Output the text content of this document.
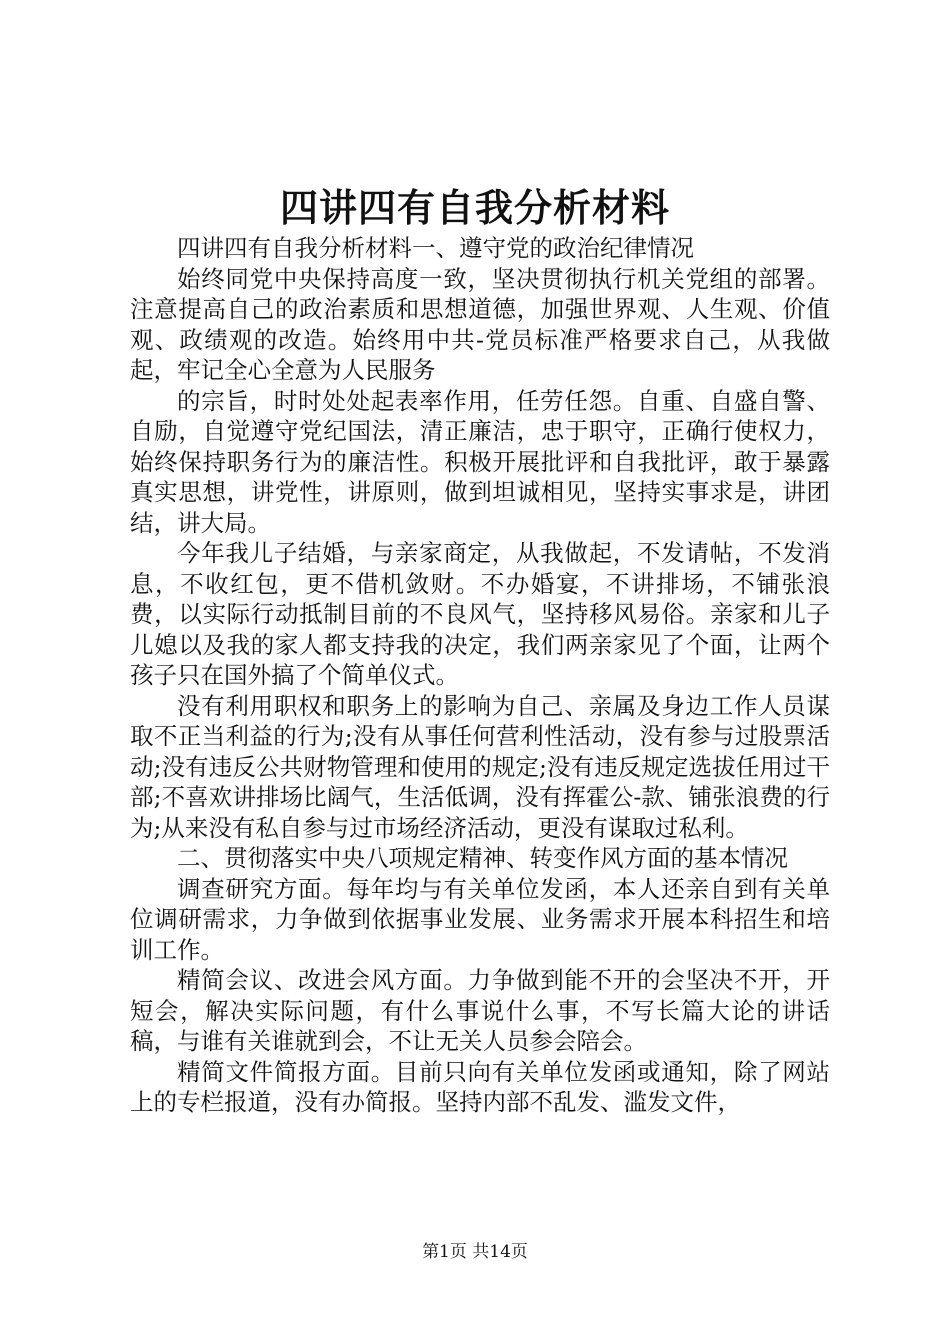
四讲四有自我分析材料

四讲四有自我分析材料一、遵守党的政治纪律情况

始终同党中央保持高度一致，坚决贯彻执行机关党组的部署。注意提高自己的政治素质和思想道德，加强世界观、人生观、价值观、政绩观的改造。始终用中共-党员标准严格要求自己，从我做起，牢记全心全意为人民服务

的宗旨，时时处处起表率作用，任劳任怨。自重、自盛自警、自励，自觉遵守党纪国法，清正廉洁，忠于职守，正确行使权力，始终保持职务行为的廉洁性。积极开展批评和自我批评，敢于暴露真实思想，讲党性，讲原则，做到坦诚相见，坚持实事求是，讲团结，讲大局。

今年我儿子结婚，与亲家商定，从我做起，不发请帖，不发消息，不收红包，更不借机敛财。不办婚宴，不讲排场，不铺张浪费，以实际行动抵制目前的不良风气，坚持移风易俗。亲家和儿子儿媳以及我的家人都支持我的决定，我们两亲家见了个面，让两个孩子只在国外搞了个简单仪式。

没有利用职权和职务上的影响为自己、亲属及身边工作人员谋取不正当利益的行为;没有从事任何营利性活动，没有参与过股票活动;没有违反公共财物管理和使用的规定;没有违反规定选拔任用过干部;不喜欢讲排场比阔气，生活低调，没有挥霍公-款、铺张浪费的行为;从来没有私自参与过市场经济活动，更没有谋取过私利。

二、贯彻落实中央八项规定精神、转变作风方面的基本情况

调查研究方面。每年均与有关单位发函，本人还亲自到有关单位调研需求，力争做到依据事业发展、业务需求开展本科招生和培训工作。

精简会议、改进会风方面。力争做到能不开的会坚决不开，开短会，解决实际问题，有什么事说什么事，不写长篇大论的讲话稿，与谁有关谁就到会，不让无关人员参会陪会。

精简文件简报方面。目前只向有关单位发函或通知，除了网站上的专栏报道，没有办简报。坚持内部不乱发、滥发文件，

第1页 共14页
